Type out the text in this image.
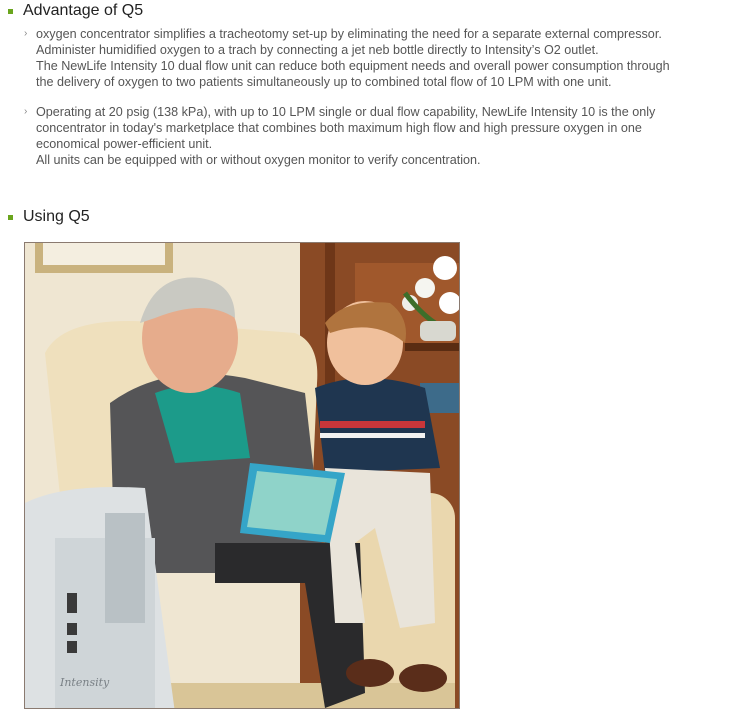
Advantage of Q5
› oxygen concentrator simplifies a tracheotomy set-up by eliminating the need for a separate external compressor.
Administer humidified oxygen to a trach by connecting a jet neb bottle directly to Intensity’s O2 outlet.
The NewLife Intensity 10 dual flow unit can reduce both equipment needs and overall power consumption through
the delivery of oxygen to two patients simultaneously up to combined total flow of 10 LPM with one unit.
› Operating at 20 psig (138 kPa), with up to 10 LPM single or dual flow capability, NewLife Intensity 10 is the only
concentrator in today's marketplace that combines both maximum high flow and high pressure oxygen in one
economical power-efficient unit.
All units can be equipped with or without oxygen monitor to verify concentration.
Using Q5
Intensity
